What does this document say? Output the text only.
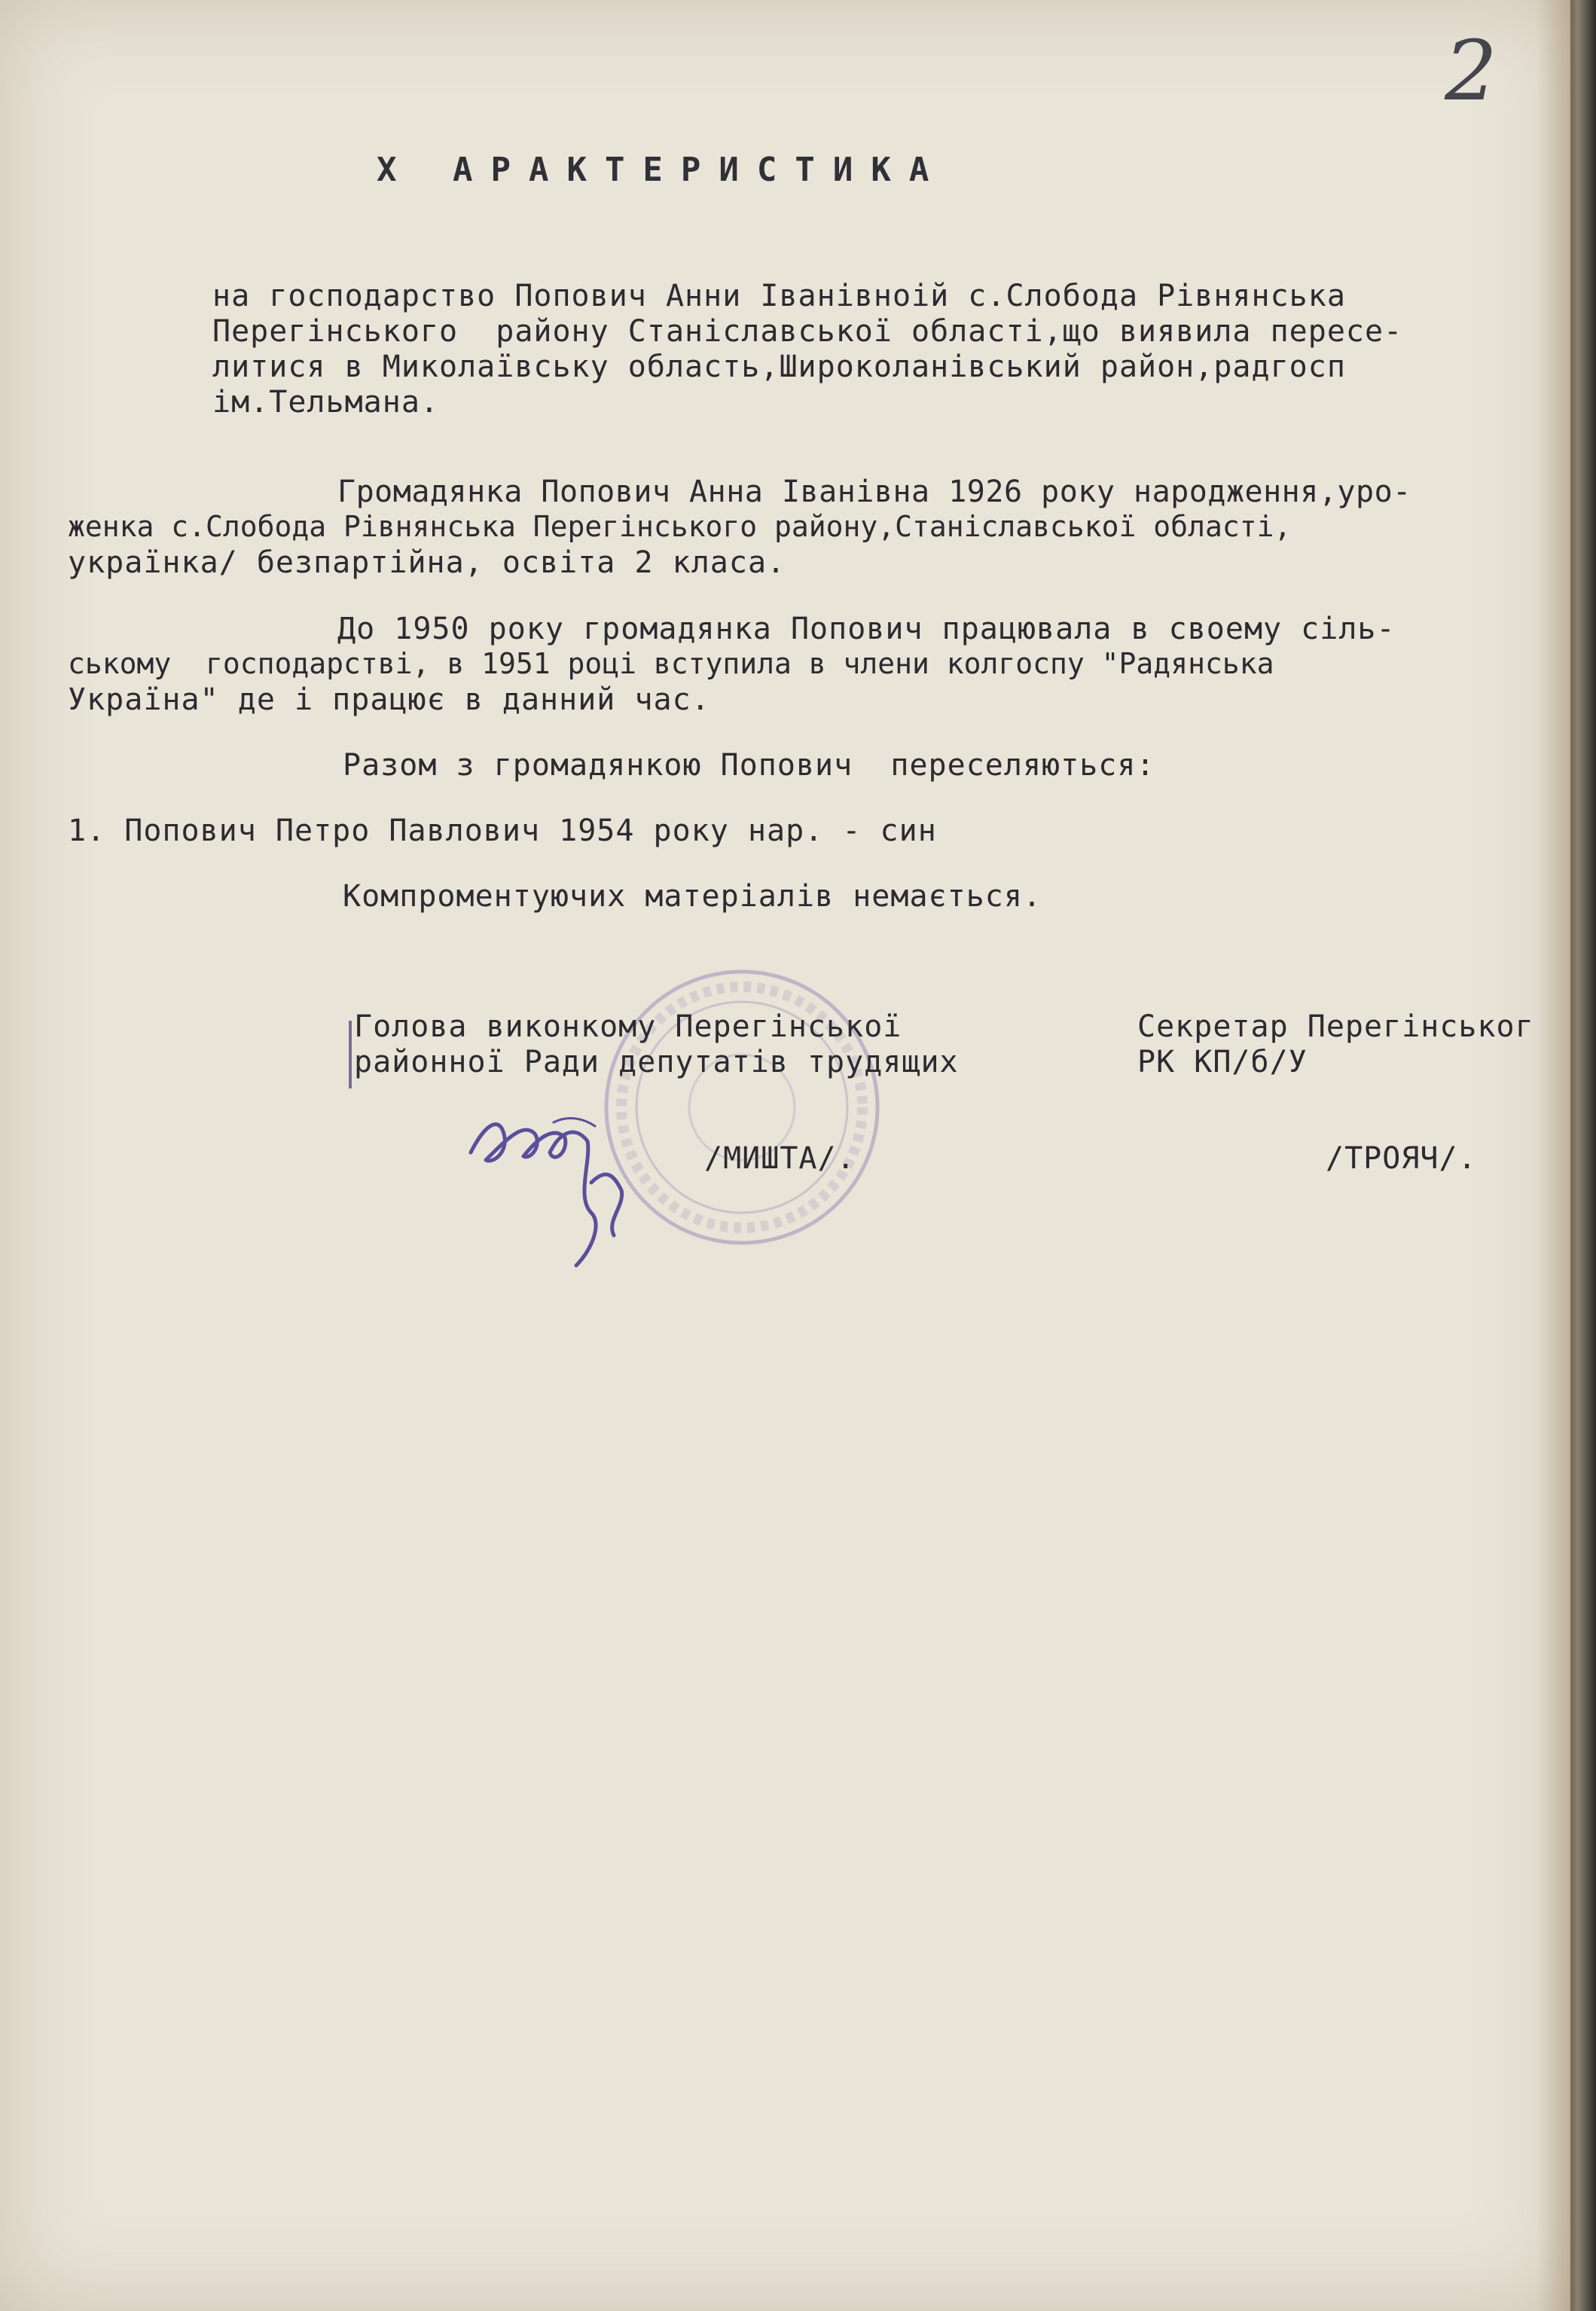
2
Х АРАКТЕРИСТИКА
на господарство Попович Анни Іванівноій с.Слобода Рівнянська
Перегінського  району Станіславської області,що виявила пересе-
литися в Миколаївську область,Широколанівський район,радгосп
ім.Тельмана.
Громадянка Попович Анна Іванівна 1926 року народження,уро-
женка с.Слобода Рівнянська Перегінського району,Станіславської області,
українка/ безпартійна, освіта 2 класа.
До 1950 року громадянка Попович працювала в своему сіль-
ському  господарстві, в 1951 році вступила в члени колгоспу "Радянська
Україна" де і працює в данний час.
Разом з громадянкою Попович  переселяються:
1. Попович Петро Павлович 1954 року нар. - син
Компроментуючих матеріалів немається.
Голова виконкому Перегінської
районної Ради депутатів трудящих
Секретар Перегінськог
РК КП/б/У
/МИШТА/.	/ТРОЯЧ/.
